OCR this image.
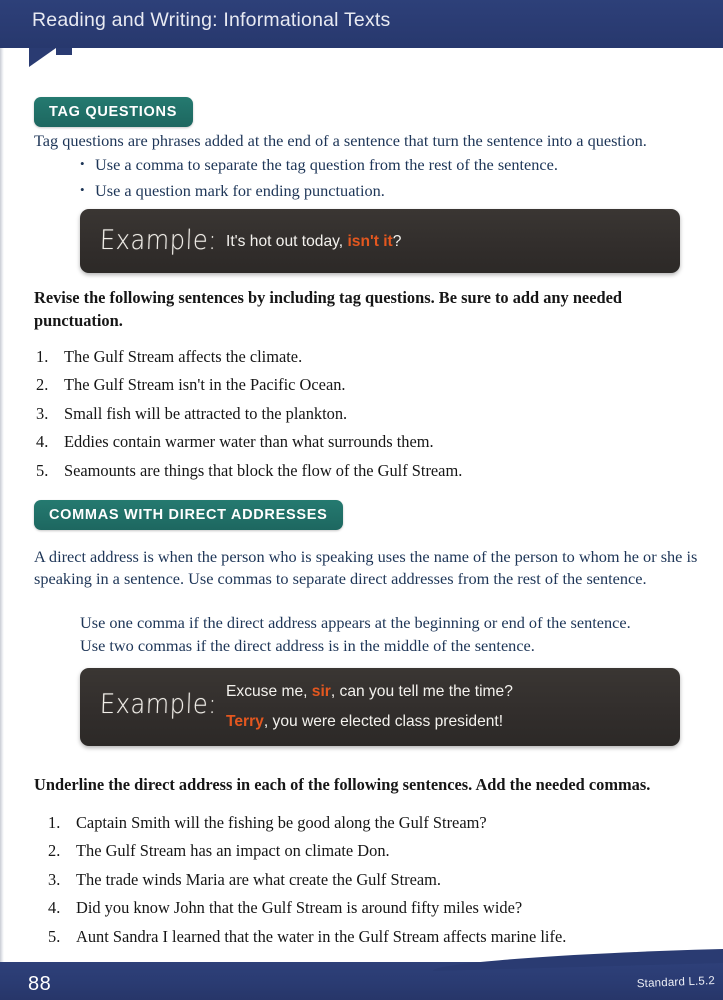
Reading and Writing: Informational Texts
TAG QUESTIONS
Tag questions are phrases added at the end of a sentence that turn the sentence into a question.
• Use a comma to separate the tag question from the rest of the sentence.
• Use a question mark for ending punctuation.
Example: It's hot out today, isn't it?
Revise the following sentences by including tag questions. Be sure to add any needed punctuation.
1. The Gulf Stream affects the climate.
2. The Gulf Stream isn't in the Pacific Ocean.
3. Small fish will be attracted to the plankton.
4. Eddies contain warmer water than what surrounds them.
5. Seamounts are things that block the flow of the Gulf Stream.
COMMAS WITH DIRECT ADDRESSES
A direct address is when the person who is speaking uses the name of the person to whom he or she is speaking in a sentence. Use commas to separate direct addresses from the rest of the sentence.
Use one comma if the direct address appears at the beginning or end of the sentence.
Use two commas if the direct address is in the middle of the sentence.
Example: Excuse me, sir, can you tell me the time?
Terry, you were elected class president!
Underline the direct address in each of the following sentences. Add the needed commas.
1. Captain Smith will the fishing be good along the Gulf Stream?
2. The Gulf Stream has an impact on climate Don.
3. The trade winds Maria are what create the Gulf Stream.
4. Did you know John that the Gulf Stream is around fifty miles wide?
5. Aunt Sandra I learned that the water in the Gulf Stream affects marine life.
88	Standard L.5.2
